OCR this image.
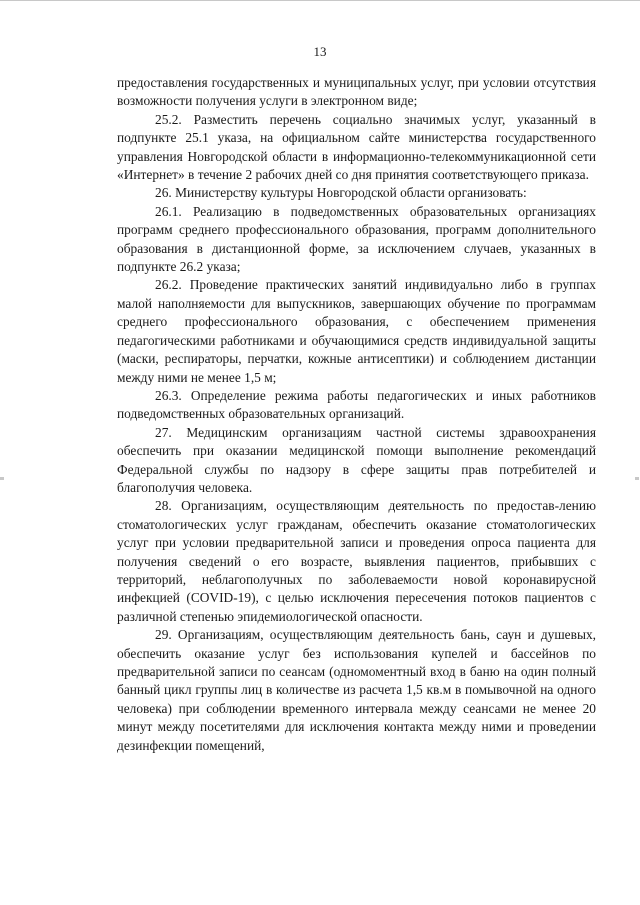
13

предоставления государственных и муниципальных услуг, при условии отсутствия возможности получения услуги в электронном виде;

25.2. Разместить перечень социально значимых услуг, указанный в подпункте 25.1 указа, на официальном сайте министерства государственного управления Новгородской области в информационно-телекоммуникационной сети «Интернет» в течение 2 рабочих дней со дня принятия соответствующего приказа.

26. Министерству культуры Новгородской области организовать:

26.1. Реализацию в подведомственных образовательных организациях программ среднего профессионального образования, программ дополнительного образования в дистанционной форме, за исключением случаев, указанных в подпункте 26.2 указа;

26.2. Проведение практических занятий индивидуально либо в группах малой наполняемости для выпускников, завершающих обучение по программам среднего профессионального образования, с обеспечением применения педагогическими работниками и обучающимися средств индивидуальной защиты (маски, респираторы, перчатки, кожные антисептики) и соблюдением дистанции между ними не менее 1,5 м;

26.3. Определение режима работы педагогических и иных работников подведомственных образовательных организаций.

27. Медицинским организациям частной системы здравоохранения обеспечить при оказании медицинской помощи выполнение рекомендаций Федеральной службы по надзору в сфере защиты прав потребителей и благополучия человека.

28. Организациям, осуществляющим деятельность по предостав-лению стоматологических услуг гражданам, обеспечить оказание стоматологических услуг при условии предварительной записи и проведения опроса пациента для получения сведений о его возрасте, выявления пациентов, прибывших с территорий, неблагополучных по заболеваемости новой коронавирусной инфекцией (COVID-19), с целью исключения пересечения потоков пациентов с различной степенью эпидемиологической опасности.

29. Организациям, осуществляющим деятельность бань, саун и душевых, обеспечить оказание услуг без использования купелей и бассейнов по предварительной записи по сеансам (одномоментный вход в баню на один полный банный цикл группы лиц в количестве из расчета 1,5 кв.м в помывочной на одного человека) при соблюдении временного интервала между сеансами не менее 20 минут между посетителями для исключения контакта между ними и проведении дезинфекции помещений,
